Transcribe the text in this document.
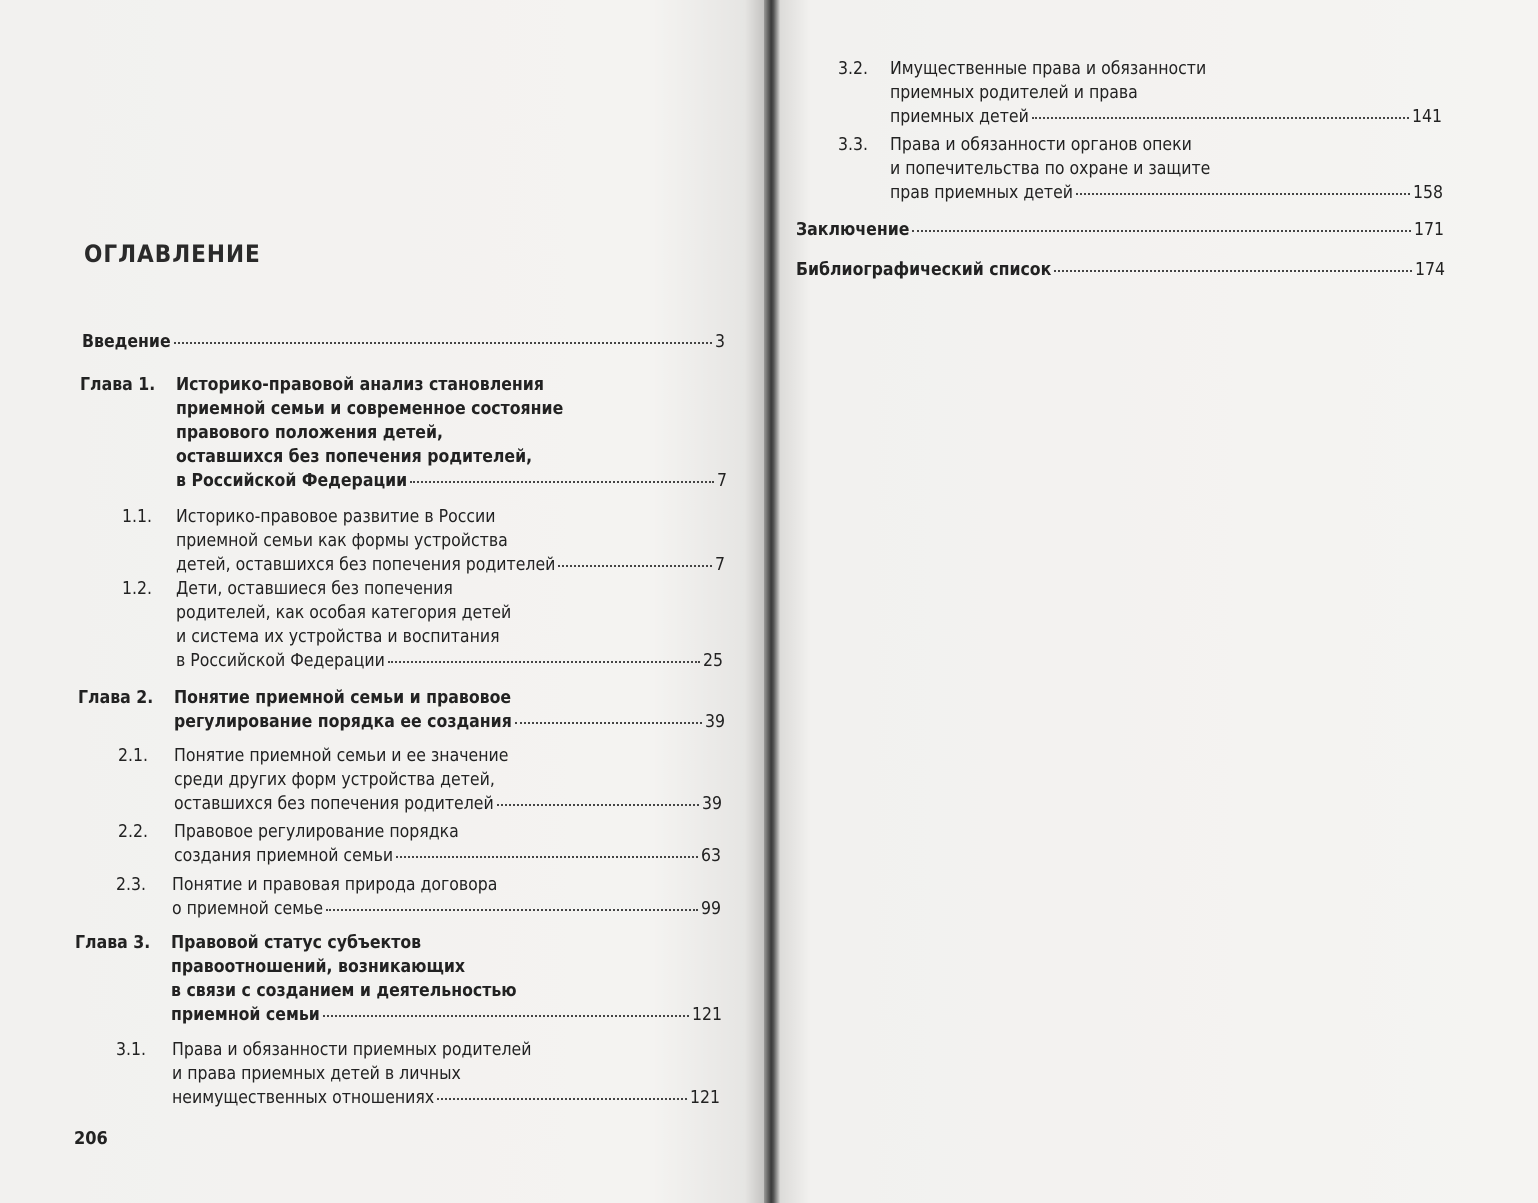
ОГЛАВЛЕНИЕ
Введение	3
Глава 1. Историко-правовой анализ становления
приемной семьи и современное состояние
правового положения детей,
оставшихся без попечения родителей,
в Российской Федерации	7
1.1. Историко-правовое развитие в России
приемной семьи как формы устройства
детей, оставшихся без попечения родителей	7
1.2. Дети, оставшиеся без попечения
родителей, как особая категория детей
и система их устройства и воспитания
в Российской Федерации	25
Глава 2. Понятие приемной семьи и правовое
регулирование порядка ее создания	39
2.1. Понятие приемной семьи и ее значение
среди других форм устройства детей,
оставшихся без попечения родителей	39
2.2. Правовое регулирование порядка
создания приемной семьи	63
2.3. Понятие и правовая природа договора
о приемной семье	99
Глава 3. Правовой статус субъектов
правоотношений, возникающих
в связи с созданием и деятельностью
приемной семьи	121
3.1. Права и обязанности приемных родителей
и права приемных детей в личных
неимущественных отношениях	121
206
3.2. Имущественные права и обязанности
приемных родителей и права
приемных детей	141
3.3. Права и обязанности органов опеки
и попечительства по охране и защите
прав приемных детей	158
Заключение	171
Библиографический список	174
